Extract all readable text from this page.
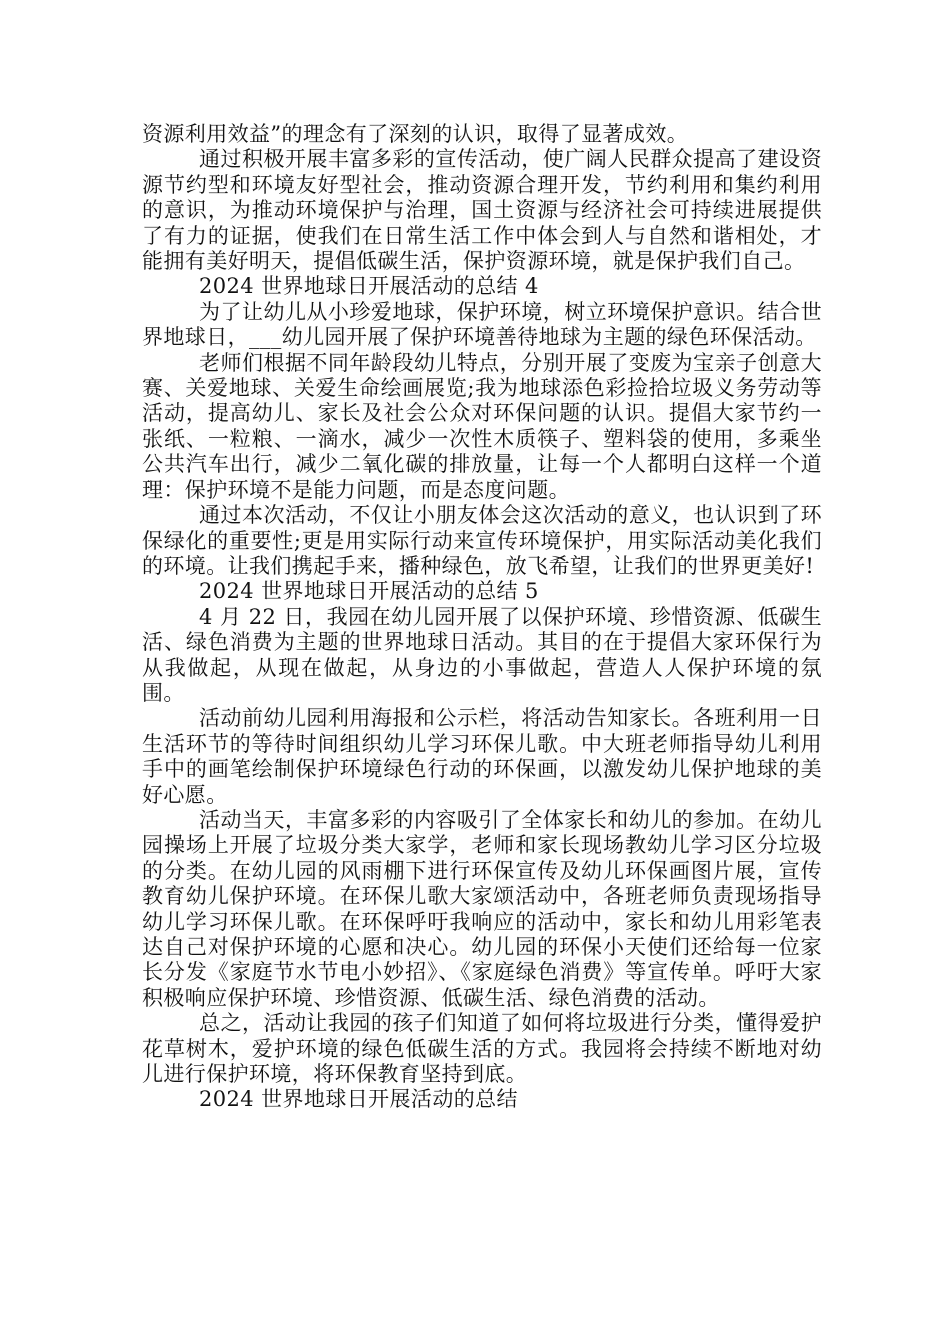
资源利用效益”的理念有了深刻的认识，取得了显著成效。

通过积极开展丰富多彩的宣传活动，使广阔人民群众提高了建设资源节约型和环境友好型社会，推动资源合理开发，节约利用和集约利用的意识，为推动环境保护与治理，国土资源与经济社会可持续进展提供了有力的证据，使我们在日常生活工作中体会到人与自然和谐相处，才能拥有美好明天，提倡低碳生活，保护资源环境，就是保护我们自己。

2024 世界地球日开展活动的总结 4

为了让幼儿从小珍爱地球，保护环境，树立环境保护意识。结合世界地球日，___幼儿园开展了保护环境善待地球为主题的绿色环保活动。

老师们根据不同年龄段幼儿特点，分别开展了变废为宝亲子创意大赛、关爱地球、关爱生命绘画展览;我为地球添色彩捡拾垃圾义务劳动等活动，提高幼儿、家长及社会公众对环保问题的认识。提倡大家节约一张纸、一粒粮、一滴水，减少一次性木质筷子、塑料袋的使用，多乘坐公共汽车出行，减少二氧化碳的排放量，让每一个人都明白这样一个道理：保护环境不是能力问题，而是态度问题。

通过本次活动，不仅让小朋友体会这次活动的意义，也认识到了环保绿化的重要性;更是用实际行动来宣传环境保护，用实际活动美化我们的环境。让我们携起手来，播种绿色，放飞希望，让我们的世界更美好!

2024 世界地球日开展活动的总结 5

4 月 22 日，我园在幼儿园开展了以保护环境、珍惜资源、低碳生活、绿色消费为主题的世界地球日活动。其目的在于提倡大家环保行为从我做起，从现在做起，从身边的小事做起，营造人人保护环境的氛围。

活动前幼儿园利用海报和公示栏，将活动告知家长。各班利用一日生活环节的等待时间组织幼儿学习环保儿歌。中大班老师指导幼儿利用手中的画笔绘制保护环境绿色行动的环保画，以激发幼儿保护地球的美好心愿。

活动当天，丰富多彩的内容吸引了全体家长和幼儿的参加。在幼儿园操场上开展了垃圾分类大家学，老师和家长现场教幼儿学习区分垃圾的分类。在幼儿园的风雨棚下进行环保宣传及幼儿环保画图片展，宣传教育幼儿保护环境。在环保儿歌大家颂活动中，各班老师负责现场指导幼儿学习环保儿歌。在环保呼吁我响应的活动中，家长和幼儿用彩笔表达自己对保护环境的心愿和决心。幼儿园的环保小天使们还给每一位家长分发《家庭节水节电小妙招》、《家庭绿色消费》等宣传单。呼吁大家积极响应保护环境、珍惜资源、低碳生活、绿色消费的活动。

总之，活动让我园的孩子们知道了如何将垃圾进行分类，懂得爱护花草树木，爱护环境的绿色低碳生活的方式。我园将会持续不断地对幼儿进行保护环境，将环保教育坚持到底。

2024 世界地球日开展活动的总结
